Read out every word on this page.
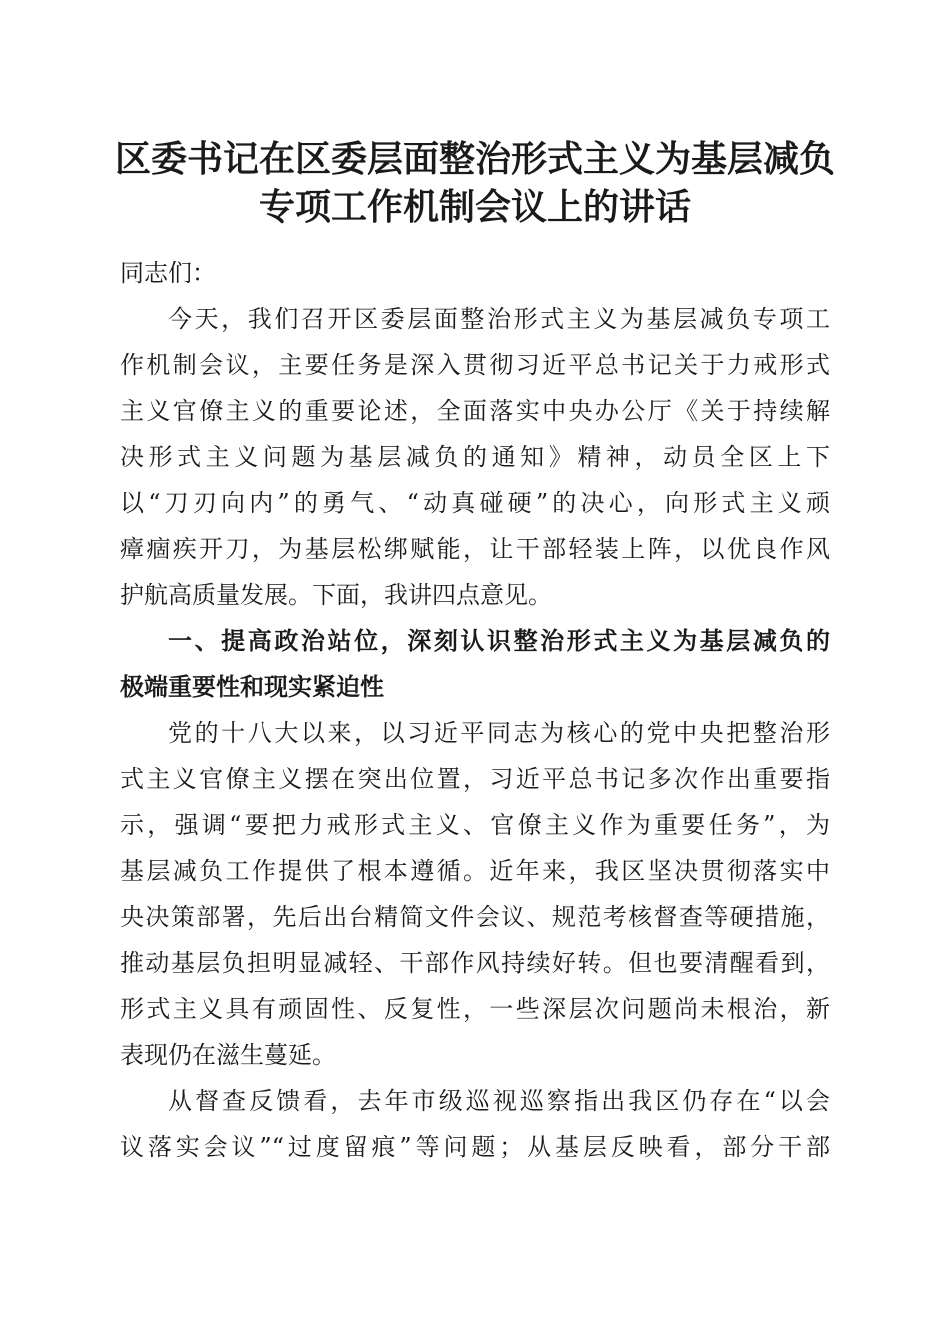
区委书记在区委层面整治形式主义为基层减负
专项工作机制会议上的讲话

同志们：

今天，我们召开区委层面整治形式主义为基层减负专项工
作机制会议，主要任务是深入贯彻习近平总书记关于力戒形式
主义官僚主义的重要论述，全面落实中央办公厅《关于持续解
决形式主义问题为基层减负的通知》精神，动员全区上下
以“刀刃向内”的勇气、“动真碰硬”的决心，向形式主义顽
瘴痼疾开刀，为基层松绑赋能，让干部轻装上阵，以优良作风
护航高质量发展。下面，我讲四点意见。

一、提高政治站位，深刻认识整治形式主义为基层减负的
极端重要性和现实紧迫性

党的十八大以来，以习近平同志为核心的党中央把整治形
式主义官僚主义摆在突出位置，习近平总书记多次作出重要指
示，强调“要把力戒形式主义、官僚主义作为重要任务”，为
基层减负工作提供了根本遵循。近年来，我区坚决贯彻落实中
央决策部署，先后出台精简文件会议、规范考核督查等硬措施，
推动基层负担明显减轻、干部作风持续好转。但也要清醒看到，
形式主义具有顽固性、反复性，一些深层次问题尚未根治，新
表现仍在滋生蔓延。

从督查反馈看，去年市级巡视巡察指出我区仍存在“以会
议落实会议”“过度留痕”等问题；从基层反映看，部分干部
